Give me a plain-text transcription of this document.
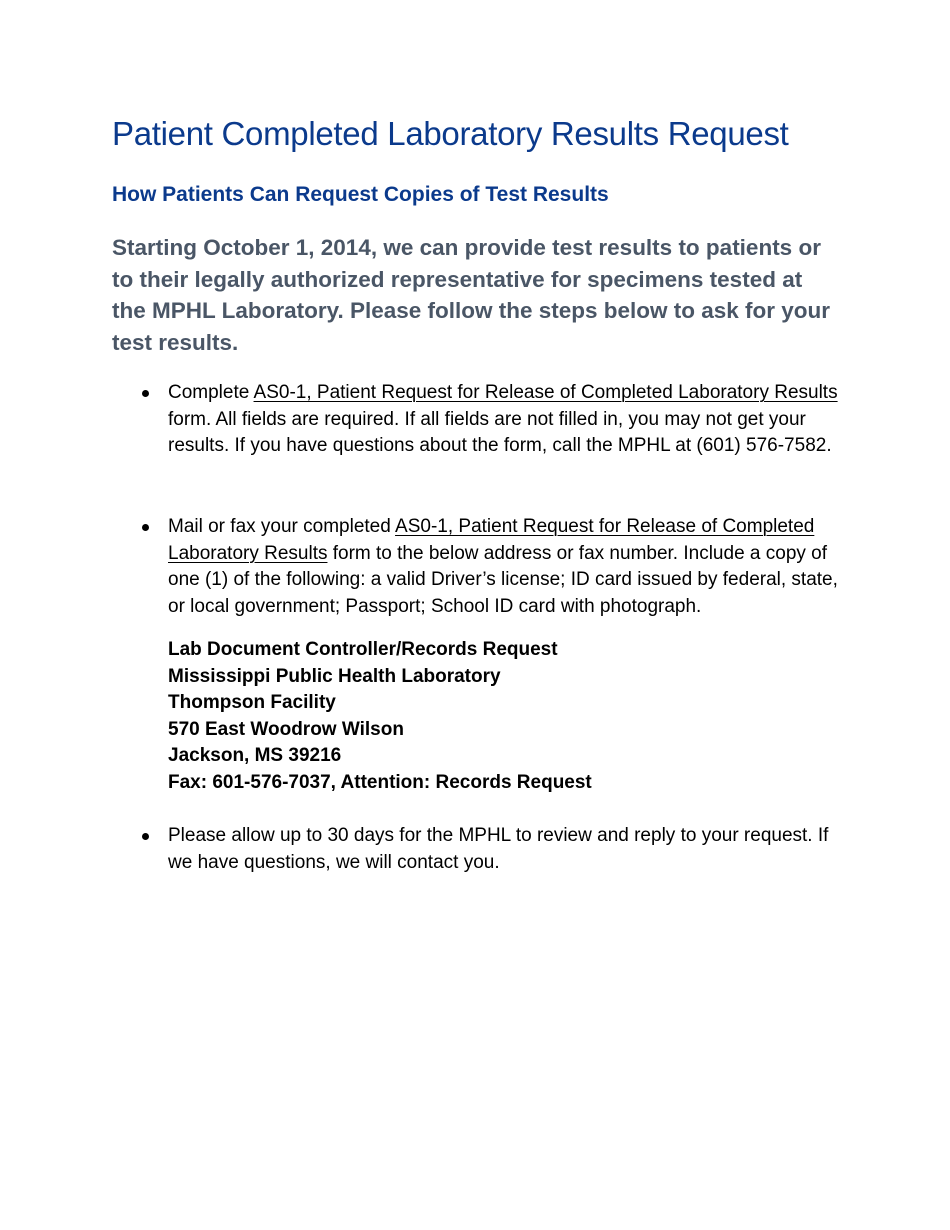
Patient Completed Laboratory Results Request
How Patients Can Request Copies of Test Results

Starting October 1, 2014, we can provide test results to patients or to their legally authorized representative for specimens tested at the MPHL Laboratory. Please follow the steps below to ask for your test results.

Complete AS0-1, Patient Request for Release of Completed Laboratory Results form. All fields are required. If all fields are not filled in, you may not get your results. If you have questions about the form, call the MPHL at (601) 576-7582.
Mail or fax your completed AS0-1, Patient Request for Release of Completed Laboratory Results form to the below address or fax number. Include a copy of one (1) of the following: a valid Driver’s license; ID card issued by federal, state, or local government; Passport; School ID card with photograph.
Lab Document Controller/Records Request
Mississippi Public Health Laboratory
Thompson Facility
570 East Woodrow Wilson
Jackson, MS 39216
Fax: 601-576-7037, Attention: Records Request
Please allow up to 30 days for the MPHL to review and reply to your request. If we have questions, we will contact you.
